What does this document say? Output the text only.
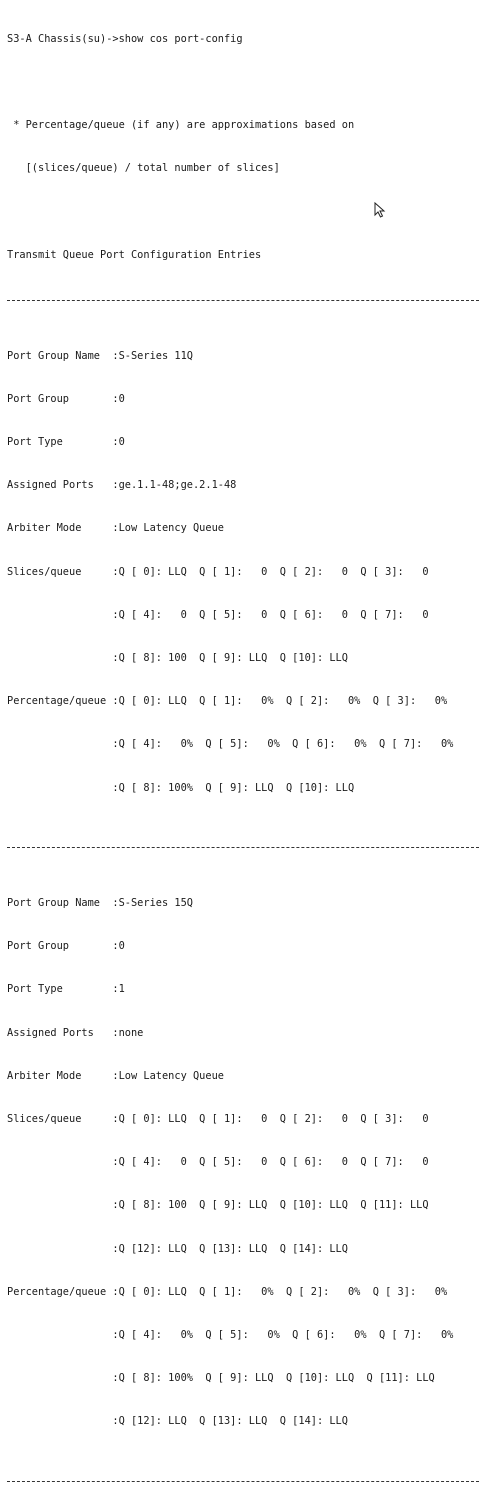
S3-A Chassis(su)->show cos port-config

* Percentage/queue (if any) are approximations based on

[(slices/queue) / total number of slices]

Transmit Queue Port Configuration Entries

Port Group Name  :S-Series 11Q

Port Group       :0

Port Type        :0

Assigned Ports   :ge.1.1-48;ge.2.1-48

Arbiter Mode     :Low Latency Queue

Slices/queue     :Q [ 0]: LLQ  Q [ 1]:   0  Q [ 2]:   0  Q [ 3]:   0

:Q [ 4]:   0  Q [ 5]:   0  Q [ 6]:   0  Q [ 7]:   0

:Q [ 8]: 100  Q [ 9]: LLQ  Q [10]: LLQ

Percentage/queue :Q [ 0]: LLQ  Q [ 1]:   0%  Q [ 2]:   0%  Q [ 3]:   0%

:Q [ 4]:   0%  Q [ 5]:   0%  Q [ 6]:   0%  Q [ 7]:   0%

:Q [ 8]: 100%  Q [ 9]: LLQ  Q [10]: LLQ

Port Group Name  :S-Series 15Q

Port Group       :0

Port Type        :1

Assigned Ports   :none

Arbiter Mode     :Low Latency Queue

Slices/queue     :Q [ 0]: LLQ  Q [ 1]:   0  Q [ 2]:   0  Q [ 3]:   0

:Q [ 4]:   0  Q [ 5]:   0  Q [ 6]:   0  Q [ 7]:   0

:Q [ 8]: 100  Q [ 9]: LLQ  Q [10]: LLQ  Q [11]: LLQ

:Q [12]: LLQ  Q [13]: LLQ  Q [14]: LLQ

Percentage/queue :Q [ 0]: LLQ  Q [ 1]:   0%  Q [ 2]:   0%  Q [ 3]:   0%

:Q [ 4]:   0%  Q [ 5]:   0%  Q [ 6]:   0%  Q [ 7]:   0%

:Q [ 8]: 100%  Q [ 9]: LLQ  Q [10]: LLQ  Q [11]: LLQ

:Q [12]: LLQ  Q [13]: LLQ  Q [14]: LLQ
